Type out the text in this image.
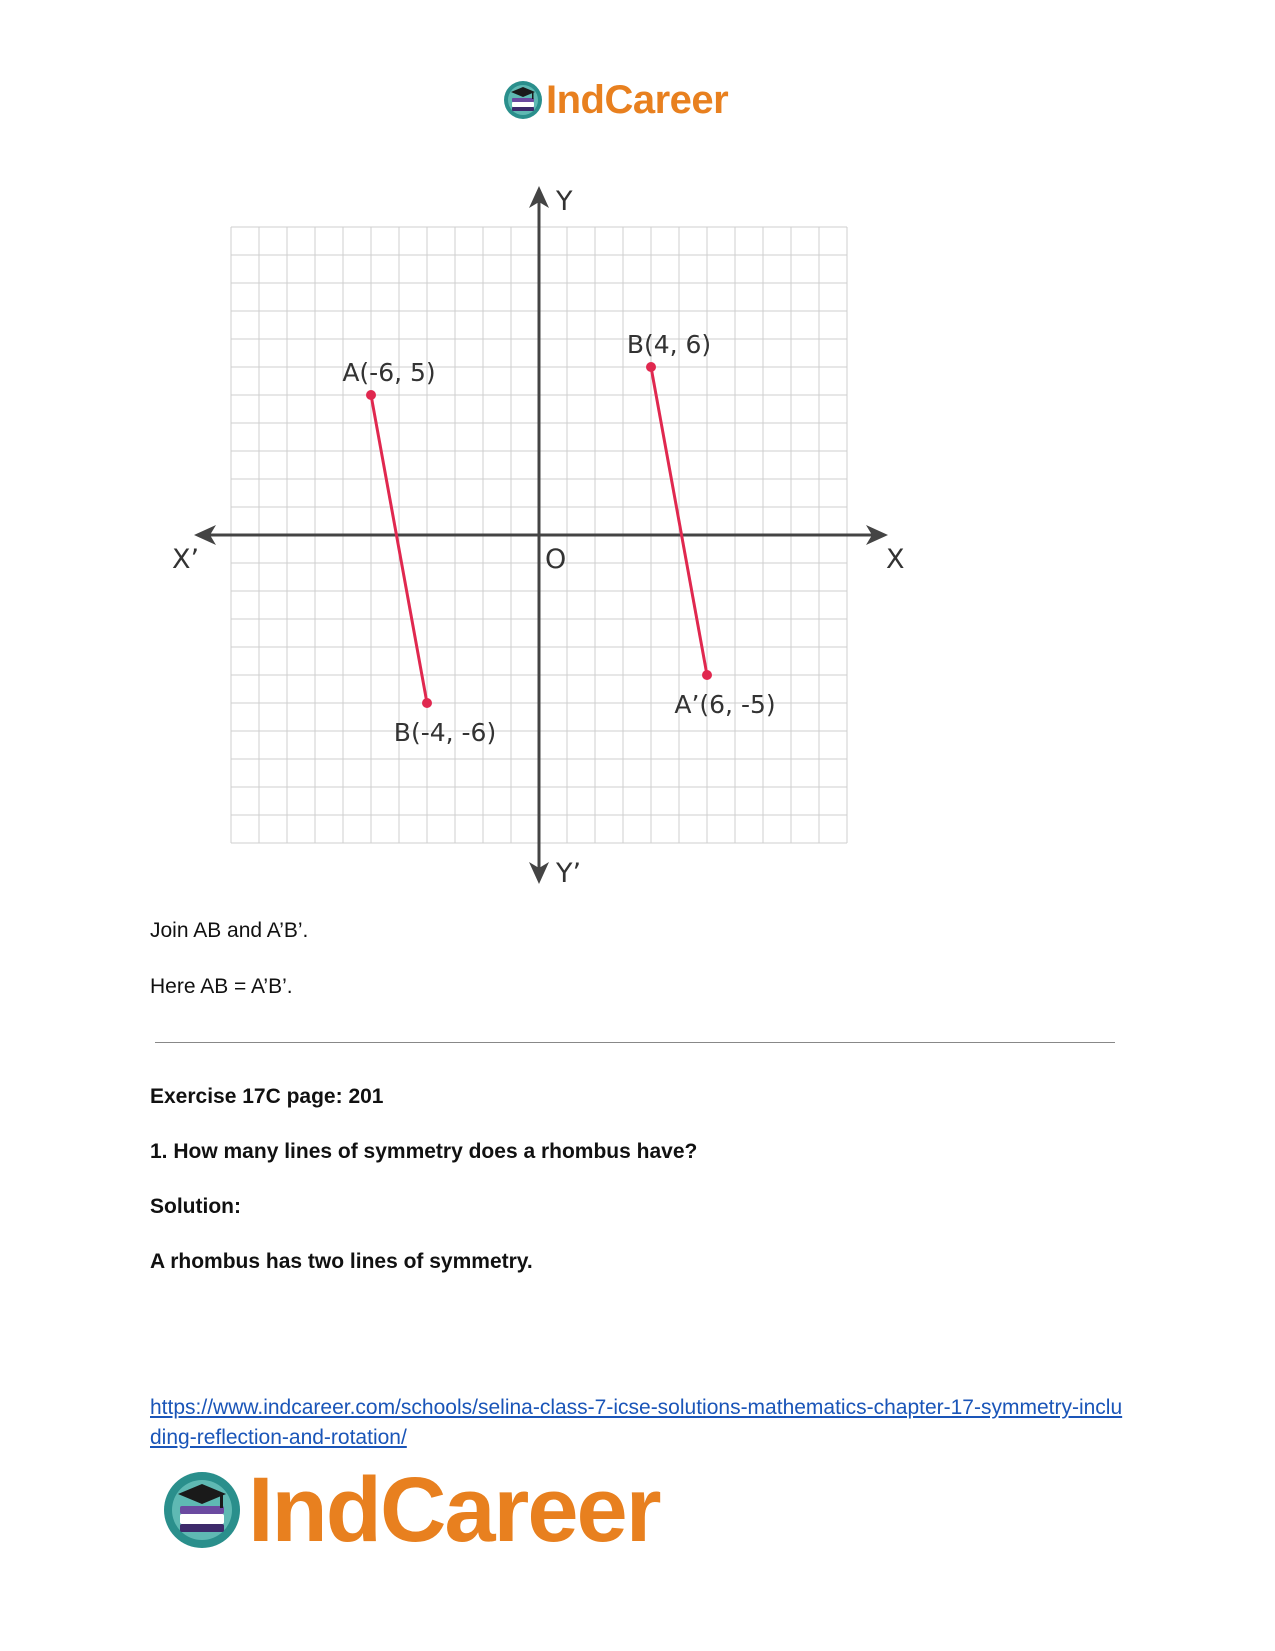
IndCareer
Y
Y’
X
X’	O
A(-6, 5)
B(-4, -6)
B(4, 6)
A’(6, -5)
Join AB and A’B’.
Here AB = A’B’.
Exercise 17C page: 201
1. How many lines of symmetry does a rhombus have?
Solution:
A rhombus has two lines of symmetry.
https://www.indcareer.com/schools/selina-class-7-icse-solutions-mathematics-chapter-17-symmetry-including-reflection-and-rotation/
IndCareer
